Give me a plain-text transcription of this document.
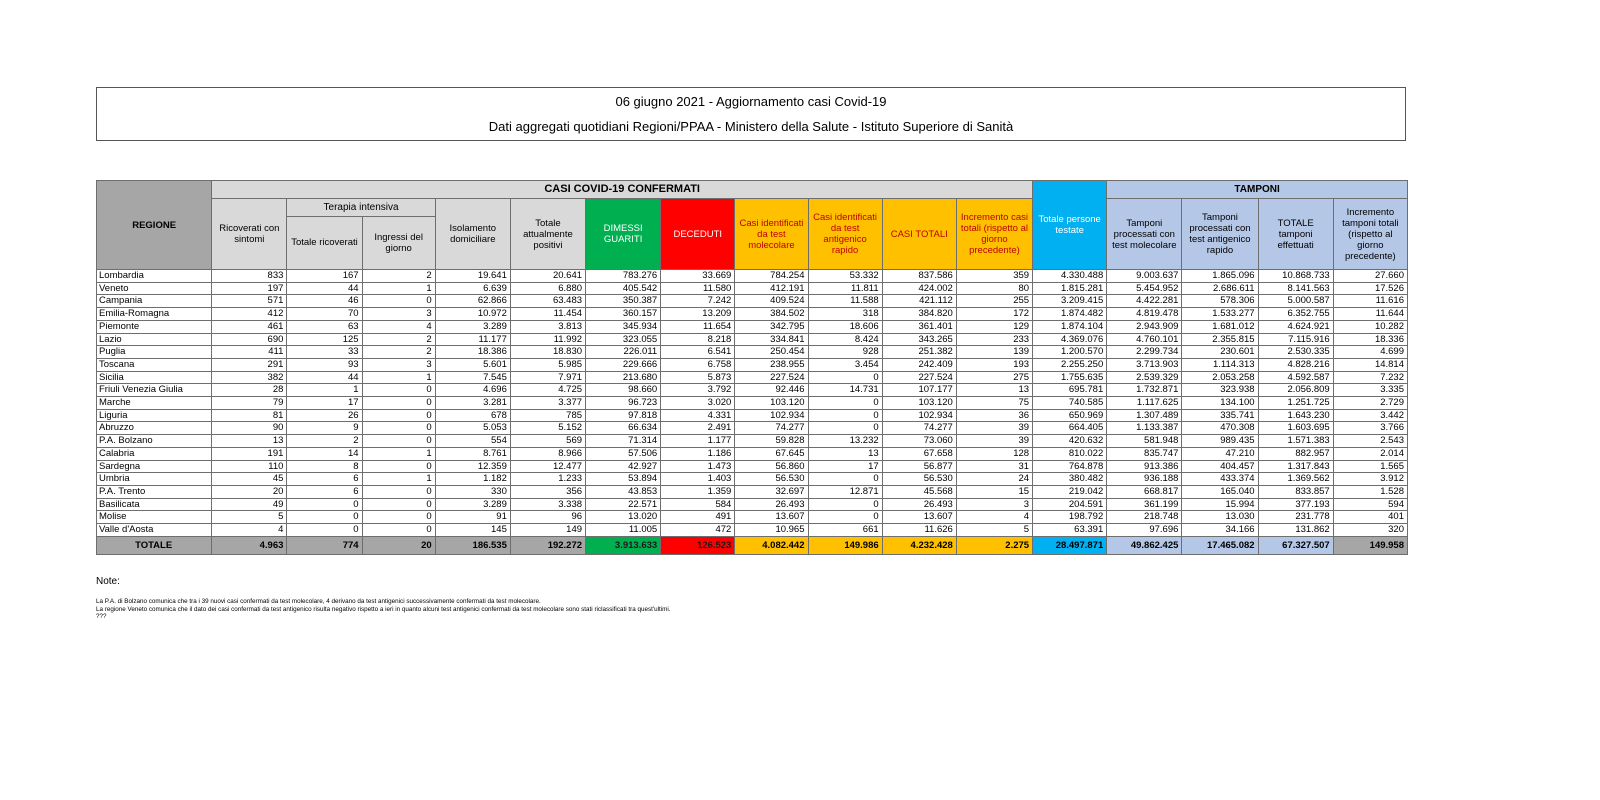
06 giugno 2021 - Aggiornamento casi Covid-19
Dati aggregati quotidiani Regioni/PPAA - Ministero della Salute - Istituto Superiore di Sanità
REGIONE	CASI COVID-19 CONFERMATI											Totale persone testate	TAMPONI			
	Ricoverati con sintomi	Terapia intensiva		Isolamento domiciliare	Totale attualmente positivi	DIMESSI GUARITI	DECEDUTI	Casi identificati da test molecolare	Casi identificati da test antigenico rapido	CASI TOTALI	Incremento casi totali (rispetto al giorno precedente)		Tamponi processati con test molecolare	Tamponi processati con test antigenico rapido	TOTALE tamponi effettuati	Incremento tamponi totali (rispetto al giorno precedente)
		Totale ricoverati	Ingressi del giorno													
Lombardia	833	167	2	19.641	20.641	783.276	33.669	784.254	53.332	837.586	359	4.330.488	9.003.637	1.865.096	10.868.733	27.660
Veneto	197	44	1	6.639	6.880	405.542	11.580	412.191	11.811	424.002	80	1.815.281	5.454.952	2.686.611	8.141.563	17.526
Campania	571	46	0	62.866	63.483	350.387	7.242	409.524	11.588	421.112	255	3.209.415	4.422.281	578.306	5.000.587	11.616
Emilia-Romagna	412	70	3	10.972	11.454	360.157	13.209	384.502	318	384.820	172	1.874.482	4.819.478	1.533.277	6.352.755	11.644
Piemonte	461	63	4	3.289	3.813	345.934	11.654	342.795	18.606	361.401	129	1.874.104	2.943.909	1.681.012	4.624.921	10.282
Lazio	690	125	2	11.177	11.992	323.055	8.218	334.841	8.424	343.265	233	4.369.076	4.760.101	2.355.815	7.115.916	18.336
Puglia	411	33	2	18.386	18.830	226.011	6.541	250.454	928	251.382	139	1.200.570	2.299.734	230.601	2.530.335	4.699
Toscana	291	93	3	5.601	5.985	229.666	6.758	238.955	3.454	242.409	193	2.255.250	3.713.903	1.114.313	4.828.216	14.814
Sicilia	382	44	1	7.545	7.971	213.680	5.873	227.524	0	227.524	275	1.755.635	2.539.329	2.053.258	4.592.587	7.232
Friuli Venezia Giulia	28	1	0	4.696	4.725	98.660	3.792	92.446	14.731	107.177	13	695.781	1.732.871	323.938	2.056.809	3.335
Marche	79	17	0	3.281	3.377	96.723	3.020	103.120	0	103.120	75	740.585	1.117.625	134.100	1.251.725	2.729
Liguria	81	26	0	678	785	97.818	4.331	102.934	0	102.934	36	650.969	1.307.489	335.741	1.643.230	3.442
Abruzzo	90	9	0	5.053	5.152	66.634	2.491	74.277	0	74.277	39	664.405	1.133.387	470.308	1.603.695	3.766
P.A. Bolzano	13	2	0	554	569	71.314	1.177	59.828	13.232	73.060	39	420.632	581.948	989.435	1.571.383	2.543
Calabria	191	14	1	8.761	8.966	57.506	1.186	67.645	13	67.658	128	810.022	835.747	47.210	882.957	2.014
Sardegna	110	8	0	12.359	12.477	42.927	1.473	56.860	17	56.877	31	764.878	913.386	404.457	1.317.843	1.565
Umbria	45	6	1	1.182	1.233	53.894	1.403	56.530	0	56.530	24	380.482	936.188	433.374	1.369.562	3.912
P.A. Trento	20	6	0	330	356	43.853	1.359	32.697	12.871	45.568	15	219.042	668.817	165.040	833.857	1.528
Basilicata	49	0	0	3.289	3.338	22.571	584	26.493	0	26.493	3	204.591	361.199	15.994	377.193	594
Molise	5	0	0	91	96	13.020	491	13.607	0	13.607	4	198.792	218.748	13.030	231.778	401
Valle d'Aosta	4	0	0	145	149	11.005	472	10.965	661	11.626	5	63.391	97.696	34.166	131.862	320
TOTALE	4.963	774	20	186.535	192.272	3.913.633	126.523	4.082.442	149.986	4.232.428	2.275	28.497.871	49.862.425	17.465.082	67.327.507	149.958
Note:
La P.A. di Bolzano comunica che tra i 39 nuovi casi confermati da test molecolare, 4 derivano da test antigenici successivamente confermati da test molecolare.
La regione Veneto comunica che il dato dei casi confermati da test antigenico risulta negativo rispetto a ieri in quanto alcuni test antigenici confermati da test molecolare sono stati riclassificati tra quest'ultimi.
???
